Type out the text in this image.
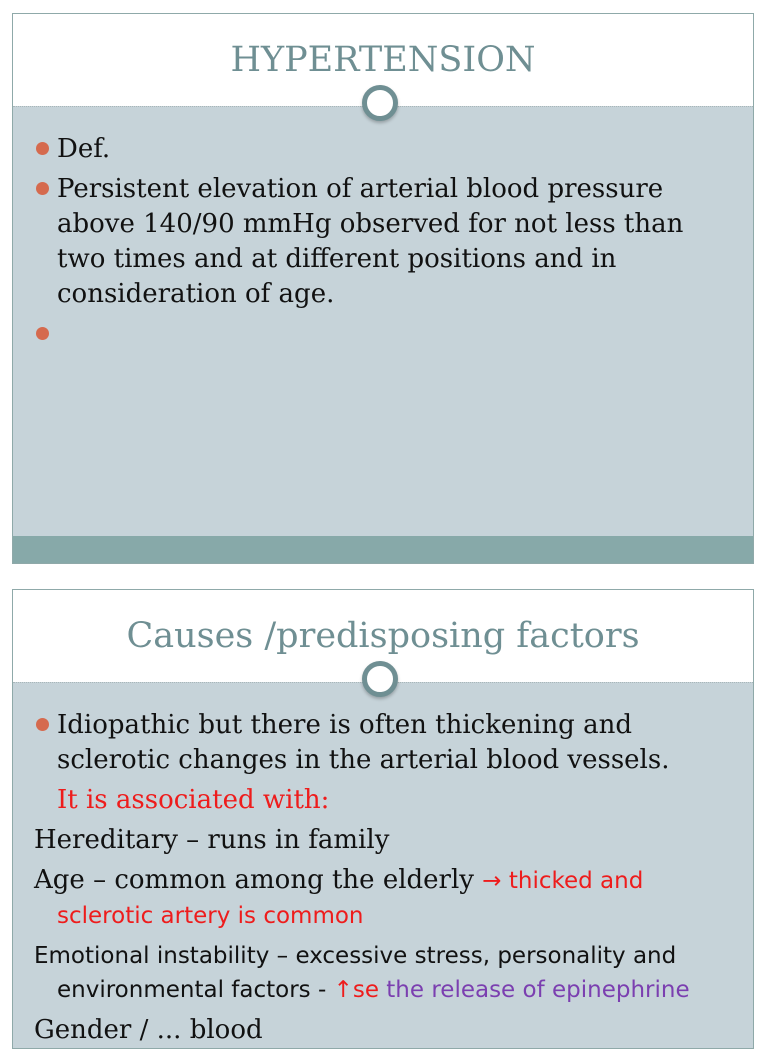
HYPERTENSION
Def.
Persistent elevation of arterial blood pressure above 140/90 mmHg observed for not less than two times and at different positions and in consideration of age.
Causes /predisposing factors
Idiopathic but there is often thickening and sclerotic changes in the arterial blood vessels.
It is associated with:
Hereditary – runs in family
Age – common among the elderly → thicked and sclerotic artery is common
Emotional instability – excessive stress, personality and environmental factors - ↑se the release of epinephrine
Gender / ... blood
